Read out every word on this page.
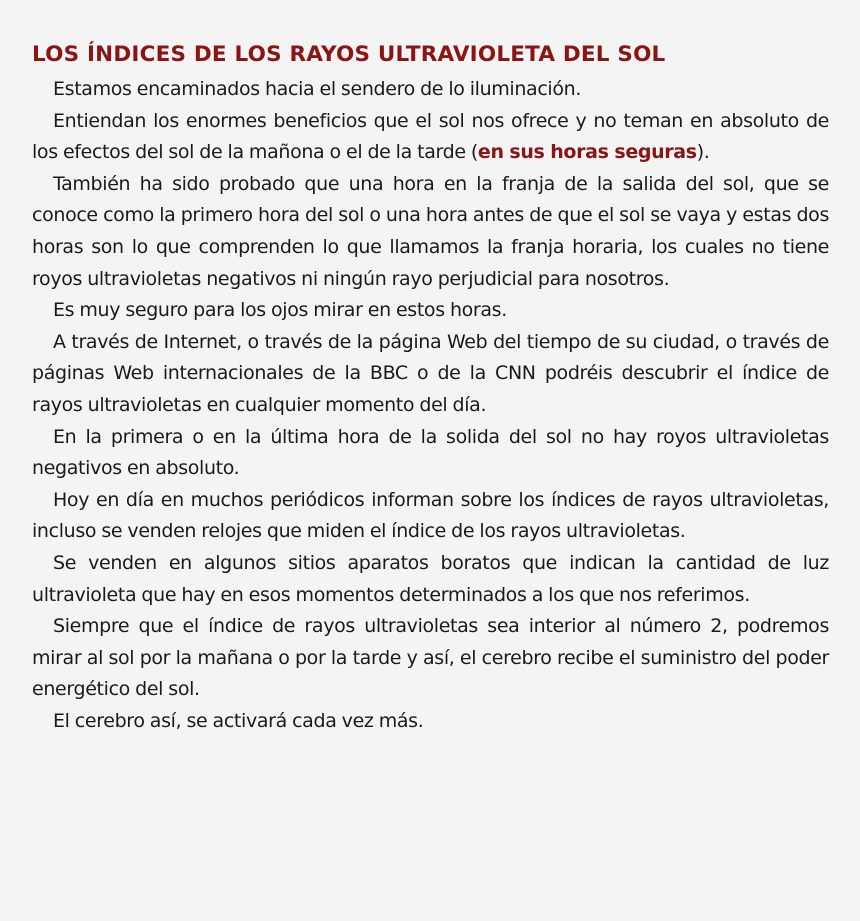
LOS ÍNDICES DE LOS RAYOS ULTRAVIOLETA DEL SOL

Estamos encaminados hacia el sendero de lo iluminación.

Entiendan los enormes beneficios que el sol nos ofrece y no teman en absoluto de los efectos del sol de la mañona o el de la tarde (en sus horas seguras).

También ha sido probado que una hora en la franja de la salida del sol, que se conoce como la primero hora del sol o una hora antes de que el sol se vaya y estas dos horas son lo que comprenden lo que llamamos la franja horaria, los cuales no tiene royos ultravioletas negativos ni ningún rayo perjudicial para nosotros.

Es muy seguro para los ojos mirar en estos horas.

A través de Internet, o través de la página Web del tiempo de su ciudad, o través de páginas Web internacionales de la BBC o de la CNN podréis descubrir el índice de rayos ultravioletas en cualquier momento del día.

En la primera o en la última hora de la solida del sol no hay royos ultravioletas negativos en absoluto.

Hoy en día en muchos periódicos informan sobre los índices de rayos ultravioletas, incluso se venden relojes que miden el índice de los rayos ultravioletas.

Se venden en algunos sitios aparatos boratos que indican la cantidad de luz ultravioleta que hay en esos momentos determinados a los que nos referimos.

Siempre que el índice de rayos ultravioletas sea interior al número 2, podremos mirar al sol por la mañana o por la tarde y así, el cerebro recibe el suministro del poder energético del sol.

El cerebro así, se activará cada vez más.
